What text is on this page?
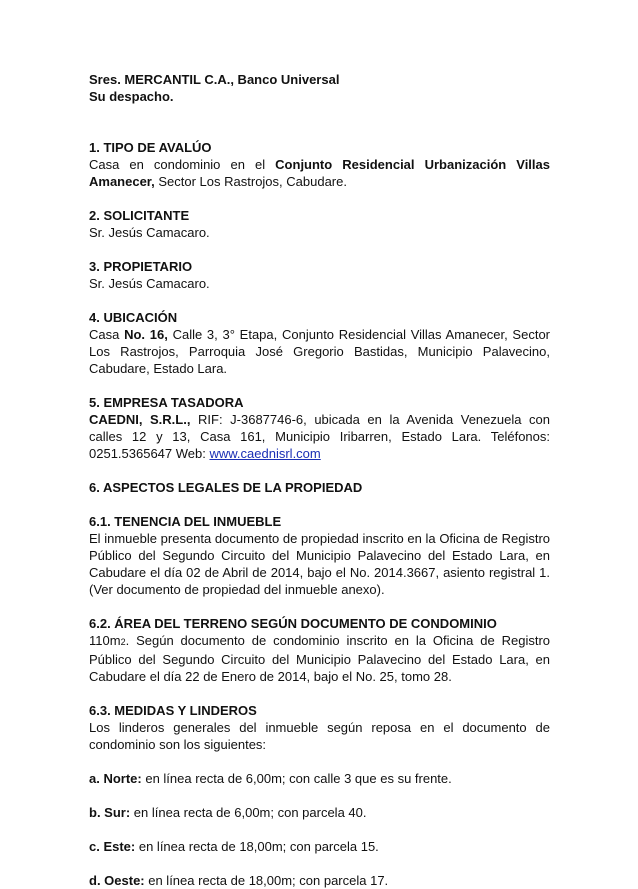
Sres. MERCANTIL C.A., Banco Universal

Su despacho.

1. TIPO DE AVALÚO

Casa en condominio en el Conjunto Residencial Urbanización Villas Amanecer, Sector Los Rastrojos, Cabudare.

2. SOLICITANTE

Sr. Jesús Camacaro.

3. PROPIETARIO

Sr. Jesús Camacaro.

4. UBICACIÓN

Casa No. 16, Calle 3, 3° Etapa, Conjunto Residencial Villas Amanecer, Sector Los Rastrojos, Parroquia José Gregorio Bastidas, Municipio Palavecino, Cabudare, Estado Lara.

5. EMPRESA TASADORA

CAEDNI, S.R.L., RIF: J-3687746-6, ubicada en la Avenida Venezuela con calles 12 y 13, Casa 161, Municipio Iribarren, Estado Lara. Teléfonos: 0251.5365647 Web: www.caednisrl.com

6. ASPECTOS LEGALES DE LA PROPIEDAD

6.1. TENENCIA DEL INMUEBLE

El inmueble presenta documento de propiedad inscrito en la Oficina de Registro Público del Segundo Circuito del Municipio Palavecino del Estado Lara, en Cabudare el día 02 de Abril de 2014, bajo el No. 2014.3667, asiento registral 1. (Ver documento de propiedad del inmueble anexo).

6.2. ÁREA DEL TERRENO SEGÚN DOCUMENTO DE CONDOMINIO

110m2. Según documento de condominio inscrito en la Oficina de Registro Público del Segundo Circuito del Municipio Palavecino del Estado Lara, en Cabudare el día 22 de Enero de 2014, bajo el No. 25, tomo 28.

6.3. MEDIDAS Y LINDEROS

Los linderos generales del inmueble según reposa en el documento de condominio son los siguientes:

a. Norte: en línea recta de 6,00m; con calle 3 que es su frente.

b. Sur: en línea recta de 6,00m; con parcela 40.

c. Este: en línea recta de 18,00m; con parcela 15.

d. Oeste: en línea recta de 18,00m; con parcela 17.
